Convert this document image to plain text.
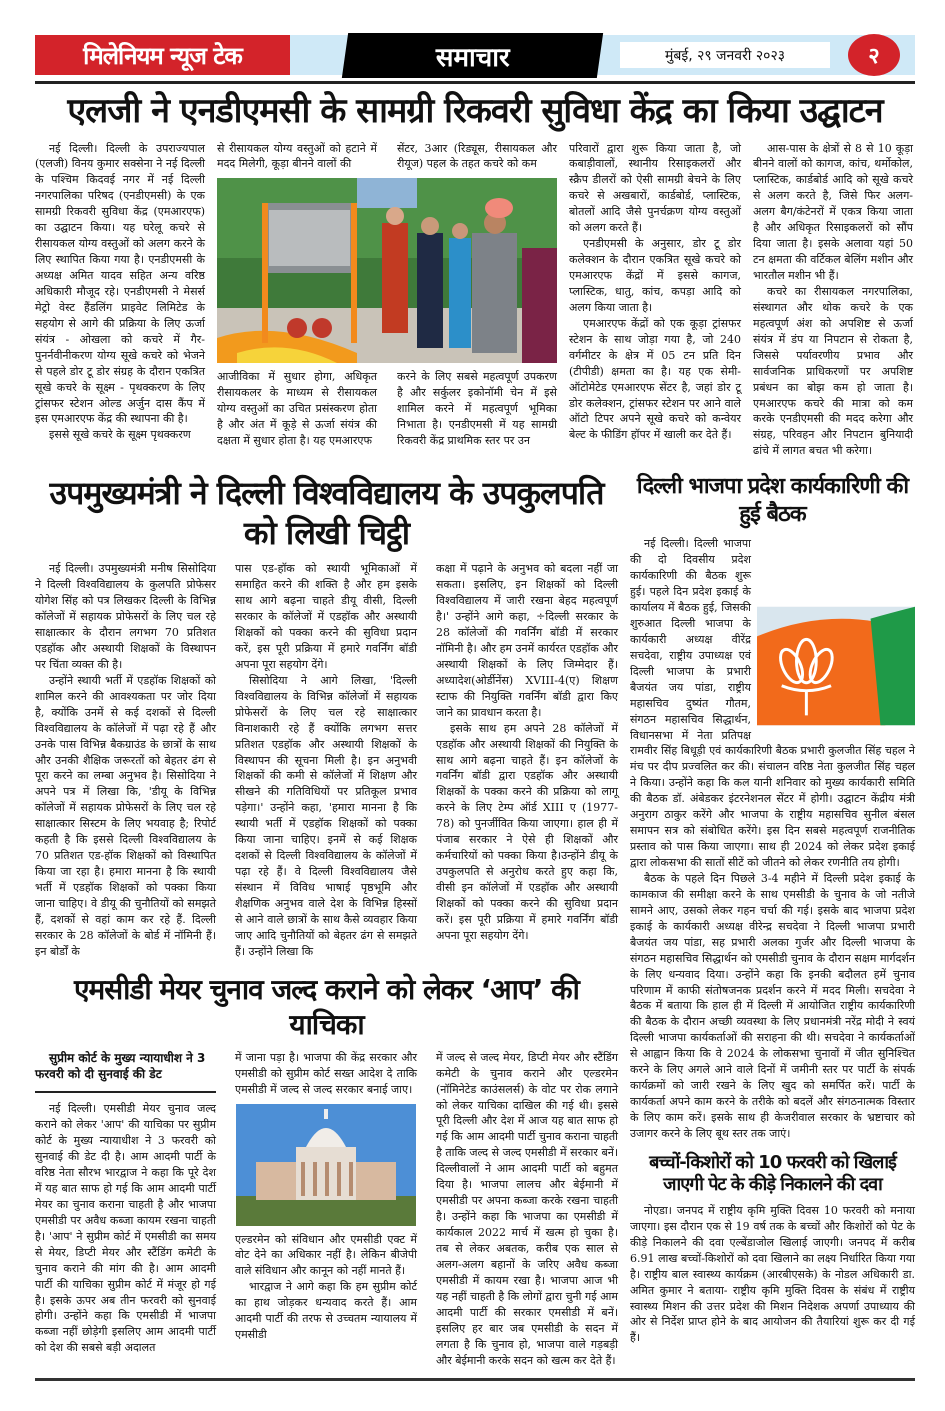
मिलेनियम न्यूज टेक	समाचार	मुंबई, २९ जनवरी २०२३	२
एलजी ने एनडीएमसी के सामग्री रिकवरी सुविधा केंद्र का किया उद्घाटन

नई दिल्ली। दिल्ली के उपराज्यपाल (एलजी) विनय कुमार सक्सेना ने नई दिल्ली के पश्चिम किदवई नगर में नई दिल्ली नगरपालिका परिषद (एनडीएमसी) के एक सामग्री रिकवरी सुविधा केंद्र (एमआरएफ) का उद्घाटन किया। यह घरेलू कचरे से रीसायकल योग्य वस्तुओं को अलग करने के लिए स्थापित किया गया है। एनडीएमसी के अध्यक्ष अमित यादव सहित अन्य वरिष्ठ अधिकारी मौजूद रहे। एनडीएमसी ने मेसर्स मेट्रो वेस्ट हैंडलिंग प्राइवेट लिमिटेड के सहयोग से आगे की प्रक्रिया के लिए ऊर्जा संयंत्र - ओखला को कचरे में गैर-पुनर्नवीनीकरण योग्य सूखे कचरे को भेजने से पहले डोर टू डोर संग्रह के दौरान एकत्रित सूखे कचरे के सूक्ष्म - पृथक्करण के लिए ट्रांसफर स्टेशन ओल्ड अर्जुन दास कैंप में इस एमआरएफ केंद्र की स्थापना की है।

इससे सूखे कचरे के सूक्ष्म पृथक्करण

से रीसायकल योग्य वस्तुओं को हटाने में मदद मिलेगी, कूड़ा बीनने वालों की

सेंटर, 3आर (रिड्यूस, रीसायकल और रीयूज) पहल के तहत कचरे को कम

आजीविका में सुधार होगा, अधिकृत रीसायकलर के माध्यम से रीसायकल योग्य वस्तुओं का उचित प्रसंस्करण होता है और अंत में कूड़े से ऊर्जा संयंत्र की दक्षता में सुधार होता है। यह एमआरएफ

करने के लिए सबसे महत्वपूर्ण उपकरण है और सर्कुलर इकोनॉमी चेन में इसे शामिल करने में महत्वपूर्ण भूमिका निभाता है। एनडीएमसी में यह सामग्री रिकवरी केंद्र प्राथमिक स्तर पर उन

परिवारों द्वारा शुरू किया जाता है, जो कबाड़ीवालों, स्थानीय रिसाइकलरों और स्क्रैप डीलरों को ऐसी सामग्री बेचने के लिए कचरे से अखबारों, कार्डबोर्ड, प्लास्टिक, बोतलों आदि जैसे पुनर्चक्रण योग्य वस्तुओं को अलग करते हैं।

एनडीएमसी के अनुसार, डोर टू डोर कलेक्शन के दौरान एकत्रित सूखे कचरे को एमआरएफ केंद्रों में इससे कागज, प्लास्टिक, धातु, कांच, कपड़ा आदि को अलग किया जाता है।

एमआरएफ केंद्रों को एक कूड़ा ट्रांसफर स्टेशन के साथ जोड़ा गया है, जो 240 वर्गमीटर के क्षेत्र में 05 टन प्रति दिन (टीपीडी) क्षमता का है। यह एक सेमी-ऑटोमेटेड एमआरएफ सेंटर है, जहां डोर टू डोर कलेक्शन, ट्रांसफर स्टेशन पर आने वाले ऑटो टिपर अपने सूखे कचरे को कन्वेयर बेल्ट के फीडिंग हॉपर में खाली कर देते हैं।

आस-पास के क्षेत्रों से 8 से 10 कूड़ा बीनने वालों को कागज, कांच, थर्मोकोल, प्लास्टिक, कार्डबोर्ड आदि को सूखे कचरे से अलग करते है, जिसे फिर अलग-अलग बैग/कंटेनरों में एकत्र किया जाता है और अधिकृत रिसाइकलरों को सौंप दिया जाता है। इसके अलावा यहां 50 टन क्षमता की वर्टिकल बेलिंग मशीन और भारतौल मशीन भी हैं।

कचरे का रीसायकल नगरपालिका, संस्थागत और थोक कचरे के एक महत्वपूर्ण अंश को अपशिष्ट से ऊर्जा संयंत्र में डंप या निपटान से रोकता है, जिससे पर्यावरणीय प्रभाव और सार्वजनिक प्राधिकरणों पर अपशिष्ट प्रबंधन का बोझ कम हो जाता है। एमआरएफ कचरे की मात्रा को कम करके एनडीएमसी की मदद करेगा और संग्रह, परिवहन और निपटान बुनियादी ढांचे में लागत बचत भी करेगा।

उपमुख्यमंत्री ने दिल्ली विश्वविद्यालय के उपकुलपति को लिखी चिट्ठी

नई दिल्ली। उपमुख्यमंत्री मनीष सिसोदिया ने दिल्ली विश्वविद्यालय के कुलपति प्रोफेसर योगेश सिंह को पत्र लिखकर दिल्ली के विभिन्न कॉलेजों में सहायक प्रोफेसरों के लिए चल रहे साक्षात्कार के दौरान लगभग 70 प्रतिशत एडहॉक और अस्थायी शिक्षकों के विस्थापन पर चिंता व्यक्त की है।

उन्होंने स्थायी भर्ती में एडहॉक शिक्षकों को शामिल करने की आवश्यकता पर जोर दिया है, क्योंकि उनमें से कई दशकों से दिल्ली विश्वविद्यालय के कॉलेजों में पढ़ा रहे हैं और उनके पास विभिन्न बैकग्राउंड के छात्रों के साथ और उनकी शैक्षिक जरूरतों को बेहतर ढंग से पूरा करने का लम्बा अनुभव है। सिसोदिया ने अपने पत्र में लिखा कि, 'डीयू के विभिन्न कॉलेजों में सहायक प्रोफेसरों के लिए चल रहे साक्षात्कार सिस्टम के लिए भयवाह है; रिपोर्ट कहती है कि इससे दिल्ली विश्वविद्यालय के 70 प्रतिशत एड-हॉक शिक्षकों को विस्थापित किया जा रहा है। हमारा मानना है कि स्थायी भर्ती में एडहॉक शिक्षकों को पक्का किया जाना चाहिए। वे डीयू की चुनौतियों को समझते हैं, दशकों से वहां काम कर रहे हैं. दिल्ली सरकार के 28 कॉलेजों के बोर्ड में नॉमिनी हैं। इन बोर्डों के

पास एड-हॉक को स्थायी भूमिकाओं में समाहित करने की शक्ति है और हम इसके साथ आगे बढ़ना चाहते डीयू वीसी, दिल्ली सरकार के कॉलेजों में एडहॉक और अस्थायी शिक्षकों को पक्का करने की सुविधा प्रदान करें, इस पूरी प्रक्रिया में हमारे गवर्निंग बॉडी अपना पूरा सहयोग देंगे।

सिसोदिया ने आगे लिखा, 'दिल्ली विश्वविद्यालय के विभिन्न कॉलेजों में सहायक प्रोफेसरों के लिए चल रहे साक्षात्कार विनाशकारी रहे हैं क्योंकि लगभग सत्तर प्रतिशत एडहॉक और अस्थायी शिक्षकों के विस्थापन की सूचना मिली है। इन अनुभवी शिक्षकों की कमी से कॉलेजों में शिक्षण और सीखने की गतिविधियों पर प्रतिकूल प्रभाव पड़ेगा।' उन्होंने कहा, 'हमारा मानना है कि स्थायी भर्ती में एडहॉक शिक्षकों को पक्का किया जाना चाहिए। इनमें से कई शिक्षक दशकों से दिल्ली विश्वविद्यालय के कॉलेजों में पढ़ा रहे हैं। वे दिल्ली विश्वविद्यालय जैसे संस्थान में विविध भाषाई पृष्ठभूमि और शैक्षणिक अनुभव वाले देश के विभिन्न हिस्सों से आने वाले छात्रों के साथ कैसे व्यवहार किया जाए आदि चुनौतियों को बेहतर ढंग से समझते हैं। उन्होंने लिखा कि

कक्षा में पढ़ाने के अनुभव को बदला नहीं जा सकता। इसलिए, इन शिक्षकों को दिल्ली विश्वविद्यालय में जारी रखना बेहद महत्वपूर्ण है।' उन्होंने आगे कहा, ÷दिल्ली सरकार के 28 कॉलेजों की गवर्निंग बॉडी में सरकार नॉमिनी है। और हम उनमें कार्यरत एडहॉक और अस्थायी शिक्षकों के लिए जिम्मेदार हैं। अध्यादेश(ओर्डीनेंस) XVIII-4(ए) शिक्षण स्टाफ की नियुक्ति गवर्निंग बॉडी द्वारा किए जाने का प्रावधान करता है।

इसके साथ हम अपने 28 कॉलेजों में एडहॉक और अस्थायी शिक्षकों की नियुक्ति के साथ आगे बढ़ना चाहते हैं। इन कॉलेजों के गवर्निंग बॉडी द्वारा एडहॉक और अस्थायी शिक्षकों के पक्का करने की प्रक्रिया को लागू करने के लिए टेम्प ऑर्ड XIII ए (1977-78) को पुनर्जीवित किया जाएगा। हाल ही में पंजाब सरकार ने ऐसे ही शिक्षकों और कर्मचारियों को पक्का किया है।उन्होंने डीयू के उपकुलपति से अनुरोध करते हुए कहा कि, वीसी इन कॉलेजों में एडहॉक और अस्थायी शिक्षकों को पक्का करने की सुविधा प्रदान करें। इस पूरी प्रक्रिया में हमारे गवर्निंग बॉडी अपना पूरा सहयोग देंगे।

एमसीडी मेयर चुनाव जल्द कराने को लेकर ‘आप’ की याचिका
सुप्रीम कोर्ट के मुख्य न्यायाधीश ने 3 फरवरी को दी सुनवाई की डेट

नई दिल्ली। एमसीडी मेयर चुनाव जल्द कराने को लेकर 'आप' की याचिका पर सुप्रीम कोर्ट के मुख्य न्यायाधीश ने 3 फरवरी को सुनवाई की डेट दी है। आम आदमी पार्टी के वरिष्ठ नेता सौरभ भारद्वाज ने कहा कि पूरे देश में यह बात साफ हो गई कि आम आदमी पार्टी मेयर का चुनाव कराना चाहती है और भाजपा एमसीडी पर अवैध कब्जा कायम रखना चाहती है। 'आप' ने सुप्रीम कोर्ट में एमसीडी का समय से मेयर, डिप्टी मेयर और स्टैंडिंग कमेटी के चुनाव कराने की मांग की है। आम आदमी पार्टी की याचिका सुप्रीम कोर्ट में मंजूर हो गई है। इसके ऊपर अब तीन फरवरी को सुनवाई होगी। उन्होंने कहा कि एमसीडी में भाजपा कब्जा नहीं छोड़ेगी इसलिए आम आदमी पार्टी को देश की सबसे बड़ी अदालत

में जाना पड़ा है। भाजपा की केंद्र सरकार और एमसीडी को सुप्रीम कोर्ट सख्त आदेश दे ताकि एमसीडी में जल्द से जल्द सरकार बनाई जाए।

एल्डरमेन को संविधान और एमसीडी एक्ट में वोट देने का अधिकार नहीं है। लेकिन बीजेपी वाले संविधान और कानून को नहीं मानते हैं।

भारद्वाज ने आगे कहा कि हम सुप्रीम कोर्ट का हाथ जोड़कर धन्यवाद करते हैं। आम आदमी पार्टी की तरफ से उच्चतम न्यायालय में एमसीडी

में जल्द से जल्द मेयर, डिप्टी मेयर और स्टैंडिंग कमेटी के चुनाव कराने और एल्डरमेन (नॉमिनेटेड काउंसलर्स) के वोट पर रोक लगाने को लेकर याचिका दाखिल की गई थी। इससे पूरी दिल्ली और देश में आज यह बात साफ हो गई कि आम आदमी पार्टी चुनाव कराना चाहती है ताकि जल्द से जल्द एमसीडी में सरकार बनें। दिल्लीवालों ने आम आदमी पार्टी को बहुमत दिया है। भाजपा लालच और बेईमानी में एमसीडी पर अपना कब्जा करके रखना चाहती है। उन्होंने कहा कि भाजपा का एमसीडी में कार्यकाल 2022 मार्च में खत्म हो चुका है। तब से लेकर अबतक, करीब एक साल से अलग-अलग बहानों के जरिए अवैध कब्जा एमसीडी में कायम रखा है। भाजपा आज भी यह नहीं चाहती है कि लोगों द्वारा चुनी गई आम आदमी पार्टी की सरकार एमसीडी में बनें। इसलिए हर बार जब एमसीडी के सदन में लगता है कि चुनाव हो, भाजपा वाले गड़बड़ी और बेईमानी करके सदन को खत्म कर देते हैं।

दिल्ली भाजपा प्रदेश कार्यकारिणी की हुई बैठक

नई दिल्ली। दिल्ली भाजपा की दो दिवसीय प्रदेश कार्यकारिणी की बैठक शुरू हुई। पहले दिन प्रदेश इकाई के कार्यालय में बैठक हुई, जिसकी शुरुआत दिल्ली भाजपा के कार्यकारी अध्यक्ष वीरेंद्र सचदेवा, राष्ट्रीय उपाध्यक्ष एवं दिल्ली भाजपा के प्रभारी बैजयंत जय पांडा, राष्ट्रीय महासचिव दुष्यंत गौतम, संगठन महासचिव सिद्धार्थन, विधानसभा में नेता प्रतिपक्ष रामवीर सिंह बिधूड़ी एवं कार्यकारिणी बैठक प्रभारी कुलजीत सिंह चहल ने मंच पर दीप प्रज्वलित कर की। संचालन वरिष्ठ नेता कुलजीत सिंह चहल ने किया। उन्होंने कहा कि कल यानी शनिवार को मुख्य कार्यकारी समिति की बैठक डॉ. अंबेडकर इंटरनेशनल सेंटर में होगी। उद्घाटन केंद्रीय मंत्री अनुराग ठाकुर करेंगे और भाजपा के राष्ट्रीय महासचिव सुनील बंसल समापन सत्र को संबोधित करेंगे। इस दिन सबसे महत्वपूर्ण राजनीतिक प्रस्ताव को पास किया जाएगा। साथ ही 2024 को लेकर प्रदेश इकाई द्वारा लोकसभा की सातों सीटें को जीतने को लेकर रणनीति तय होगी।

बैठक के पहले दिन पिछले 3-4 महीने में दिल्ली प्रदेश इकाई के कामकाज की समीक्षा करने के साथ एमसीडी के चुनाव के जो नतीजे सामने आए, उसको लेकर गहन चर्चा की गई। इसके बाद भाजपा प्रदेश इकाई के कार्यकारी अध्यक्ष वीरेन्द्र सचदेवा ने दिल्ली भाजपा प्रभारी बैजयंत जय पांडा, सह प्रभारी अलका गुर्जर और दिल्ली भाजपा के संगठन महासचिव सिद्धार्थन को एमसीडी चुनाव के दौरान सक्षम मार्गदर्शन के लिए धन्यवाद दिया। उन्होंने कहा कि इनकी बदौलत हमें चुनाव परिणाम में काफी संतोषजनक प्रदर्शन करने में मदद मिली। सचदेवा ने बैठक में बताया कि हाल ही में दिल्ली में आयोजित राष्ट्रीय कार्यकारिणी की बैठक के दौरान अच्छी व्यवस्था के लिए प्रधानमंत्री नरेंद्र मोदी ने स्वयं दिल्ली भाजपा कार्यकर्ताओं की सराहना की थी। सचदेवा ने कार्यकर्ताओं से आह्वान किया कि वे 2024 के लोकसभा चुनावों में जीत सुनिश्चित करने के लिए अगले आने वाले दिनों में जमीनी स्तर पर पार्टी के संपर्क कार्यक्रमों को जारी रखने के लिए खुद को समर्पित करें। पार्टी के कार्यकर्ता अपने काम करने के तरीके को बदलें और संगठनात्मक विस्तार के लिए काम करें। इसके साथ ही केजरीवाल सरकार के भ्रष्टाचार को उजागर करने के लिए बूथ स्तर तक जाएं।

बच्चों-किशोरों को 10 फरवरी को खिलाई जाएगी पेट के कीड़े निकालने की दवा

नोएडा। जनपद में राष्ट्रीय कृमि मुक्ति दिवस 10 फरवरी को मनाया जाएगा। इस दौरान एक से 19 वर्ष तक के बच्चों और किशोरों को पेट के कीड़े निकालने की दवा एल्बेंडाजोल खिलाई जाएगी। जनपद में करीब 6.91 लाख बच्चों-किशोरों को दवा खिलाने का लक्ष्य निर्धारित किया गया है। राष्ट्रीय बाल स्वास्थ्य कार्यक्रम (आरबीएसके) के नोडल अधिकारी डा. अमित कुमार ने बताया- राष्ट्रीय कृमि मुक्ति दिवस के संबंध में राष्ट्रीय स्वास्थ्य मिशन की उत्तर प्रदेश की मिशन निदेशक अपर्णा उपाध्याय की ओर से निर्देश प्राप्त होने के बाद आयोजन की तैयारियां शुरू कर दी गई हैं।
